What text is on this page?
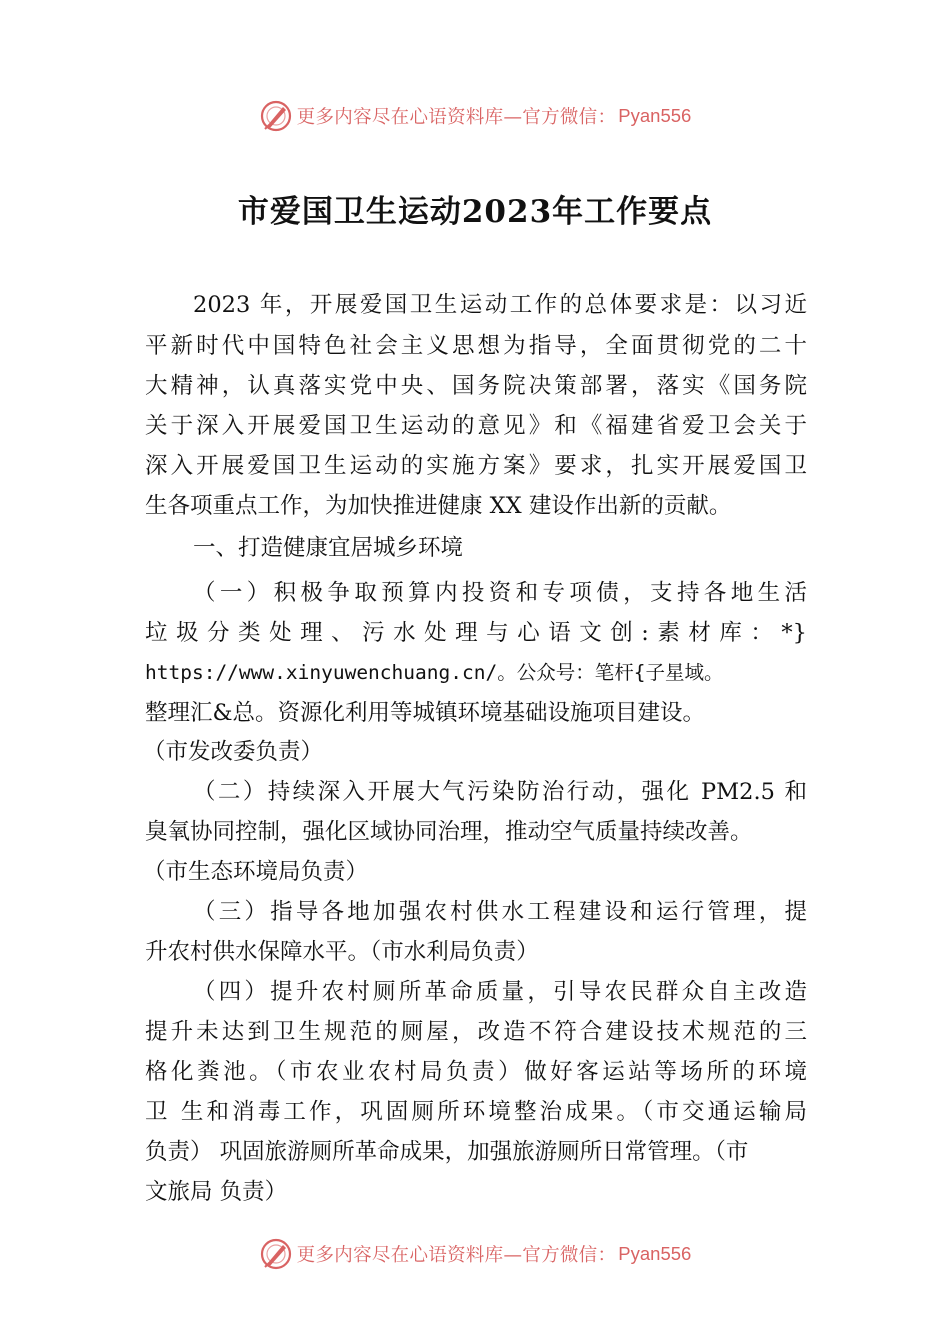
更多内容尽在心语资料库—官方微信： Pyan556
市爱国卫生运动2023年工作要点

2023 年，开展爱国卫生运动工作的总体要求是：以习近

平新时代中国特色社会主义思想为指导，全面贯彻党的二十

大精神，认真落实党中央、国务院决策部署，落实《国务院

关于深入开展爱国卫生运动的意见》和《福建省爱卫会关于

深入开展爱国卫生运动的实施方案》要求，扎实开展爱国卫

生各项重点工作，为加快推进健康 XX 建设作出新的贡献。

一、打造健康宜居城乡环境

（一）积极争取预算内投资和专项债，支持各地生活

垃圾分类处理、污水处理与心语文创:素材库：*}

https://www.xinyuwenchuang.cn/。公众号：笔杆{子星域。

整理汇&总。资源化利用等城镇环境基础设施项目建设。

（市发改委负责）

（二）持续深入开展大气污染防治行动，强化 PM2.5 和

臭氧协同控制，强化区域协同治理，推动空气质量持续改善。

（市生态环境局负责）

（三）指导各地加强农村供水工程建设和运行管理，提

升农村供水保障水平。（市水利局负责）

（四）提升农村厕所革命质量，引导农民群众自主改造

提升未达到卫生规范的厕屋，改造不符合建设技术规范的三

格化粪池。（市农业农村局负责）做好客运站等场所的环境

卫 生和消毒工作，巩固厕所环境整治成果。（市交通运输局

负责） 巩固旅游厕所革命成果，加强旅游厕所日常管理。（市

文旅局 负责）

更多内容尽在心语资料库—官方微信： Pyan556
